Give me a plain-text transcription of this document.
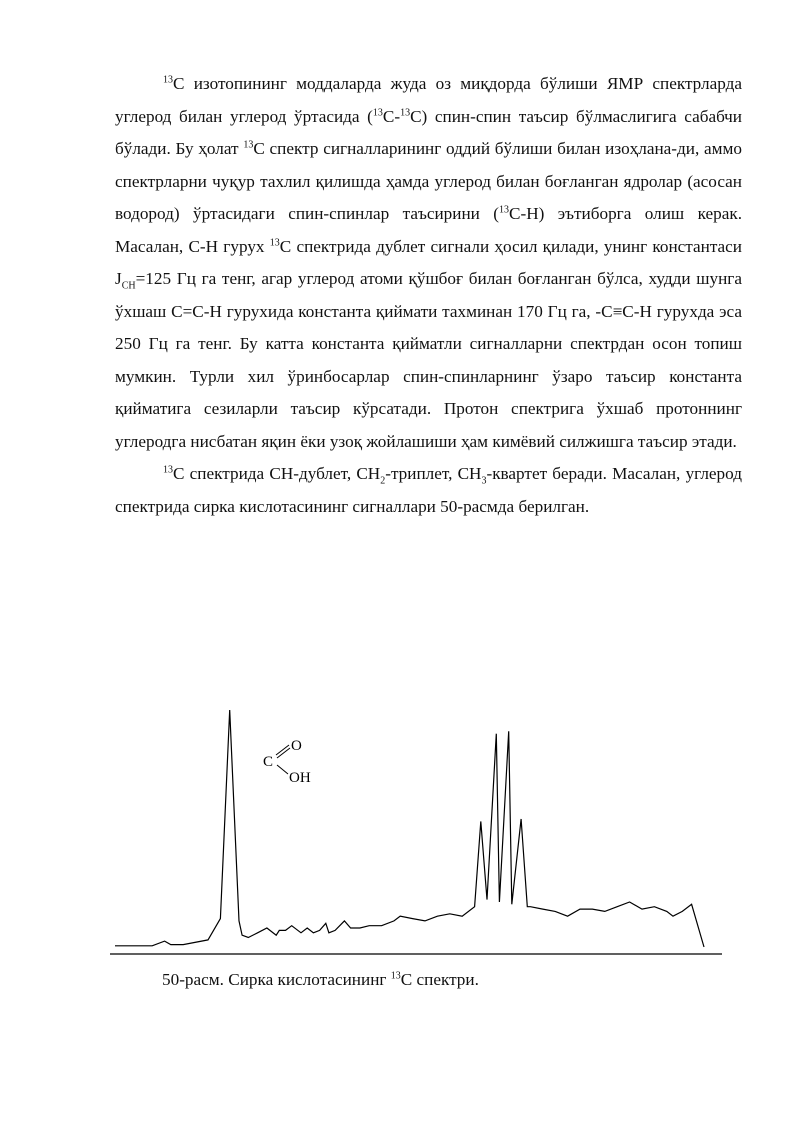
$^{13}$C изотопининг моддаларда жуда оз миқдорда бўлиши ЯМР спектрларда углерод билан углерод ўртасида ($^{13}$C-$^{13}$C) спин-спин таъсир бўлмаслигига сабабчи бўлади. Бу ҳолат $^{13}$C спектр сигналларининг оддий бўлиши билан изоҳлана-ди, аммо спектрларни чуқур тахлил қилишда ҳамда углерод билан боғланган ядролар (асосан водород) ўртасидаги спин-спинлар таъсирини ($^{13}$C-H) эътиборга олиш керак. Масалан, C-H гурух $^{13}$C спектрида дублет сигнали ҳосил қилади, унинг константаси $J_{CH}=125$ Гц га тенг, агар углерод атоми қўшбоғ билан боғланган бўлса, худди шунга ўхшаш C=C-H гурухида константа қиймати тахминан 170 Гц га, -C≡C-H гурухда эса 250 Гц га тенг. Бу катта константа қийматли сигналларни спектрдан осон топиш мумкин. Турли хил ўринбосарлар спин-спинларнинг ўзаро таъсир константа қийматига сезиларли таъсир кўрсатади. Протон спектрига ўхшаб протоннинг углеродга нисбатан яқин ёки узоқ жойлашиши ҳам кимёвий силжишга таъсир этади.

$^{13}$C спектрида CH-дублет, $CH_2$-триплет, $CH_3$-квартет беради. Масалан, углерод спектрида сирка кислотасининг сигналлари 50-расмда берилган.

C
O
OH
50-расм. Сирка кислотасининг $^{13}$C спектри.
